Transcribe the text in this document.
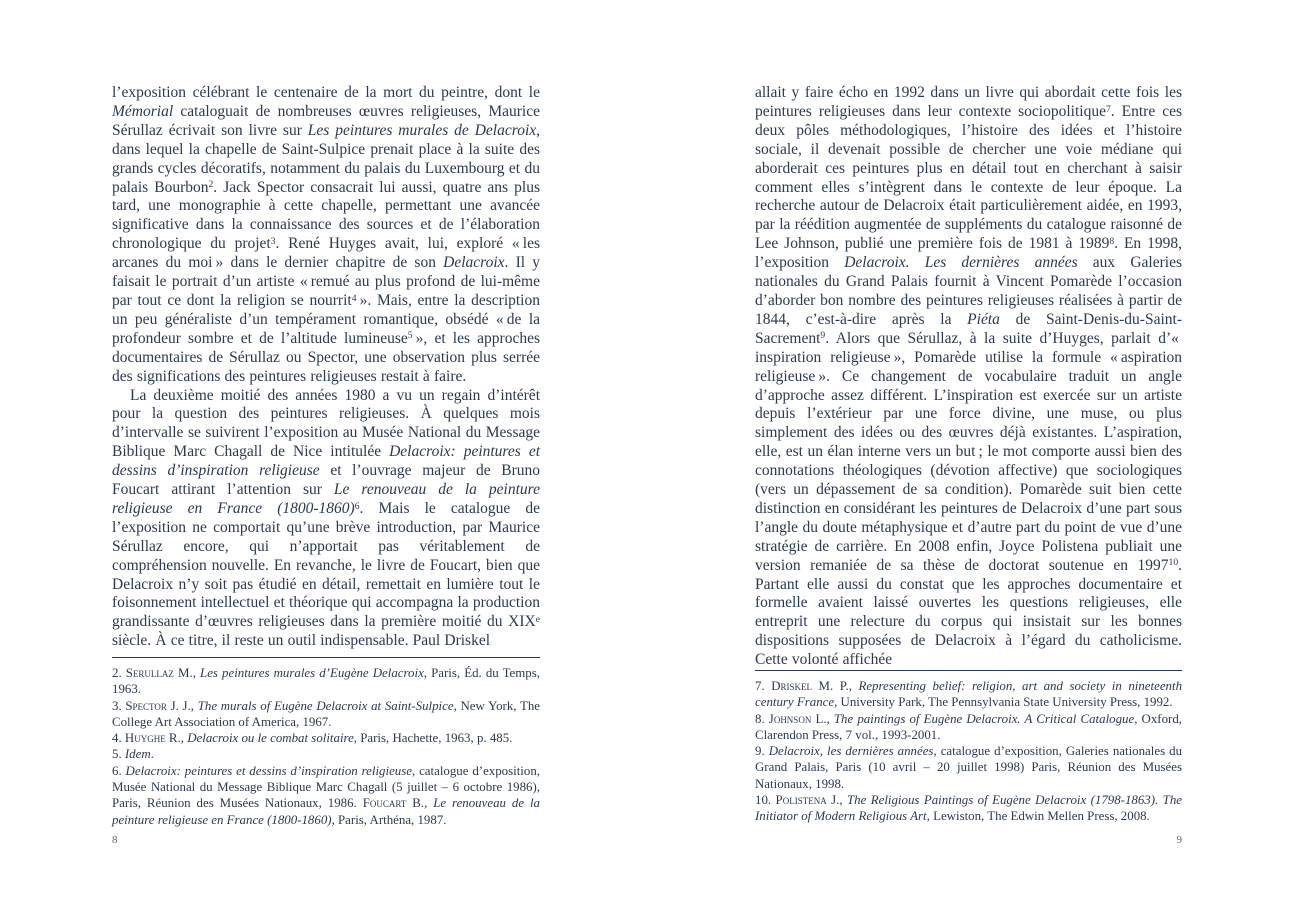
l’exposition célébrant le centenaire de la mort du peintre, dont le Mémorial cataloguait de nombreuses œuvres religieuses, Maurice Sérullaz écrivait son livre sur Les peintures murales de Delacroix, dans lequel la chapelle de Saint-Sulpice prenait place à la suite des grands cycles décoratifs, notamment du palais du Luxembourg et du palais Bourbon$^2$. Jack Spector consacrait lui aussi, quatre ans plus tard, une monographie à cette chapelle, permettant une avancée significative dans la connaissance des sources et de l’élaboration chronologique du projet$^3$. René Huyges avait, lui, exploré « les arcanes du moi » dans le dernier chapitre de son Delacroix. Il y faisait le portrait d’un artiste « remué au plus profond de lui-même par tout ce dont la religion se nourrit$^4$ ». Mais, entre la description un peu généraliste d’un tempérament romantique, obsédé « de la profondeur sombre et de l’altitude lumineuse$^5$ », et les approches documentaires de Sérullaz ou Spector, une observation plus serrée des significations des peintures religieuses restait à faire.

La deuxième moitié des années 1980 a vu un regain d’intérêt pour la question des peintures religieuses. À quelques mois d’intervalle se suivirent l’exposition au Musée National du Message Biblique Marc Chagall de Nice intitulée Delacroix: peintures et dessins d’inspiration religieuse et l’ouvrage majeur de Bruno Foucart attirant l’attention sur Le renouveau de la peinture religieuse en France (1800-1860)$^6$. Mais le catalogue de l’exposition ne comportait qu’une brève introduction, par Maurice Sérullaz encore, qui n’apportait pas véritablement de compréhension nouvelle. En revanche, le livre de Foucart, bien que Delacroix n’y soit pas étudié en détail, remettait en lumière tout le foisonnement intellectuel et théorique qui accompagna la production grandissante d’œuvres religieuses dans la première moitié du XIXe siècle. À ce titre, il reste un outil indispensable. Paul Driskel

2. Serullaz M., Les peintures murales d’Eugène Delacroix, Paris, Éd. du Temps, 1963.

3. Spector J. J., The murals of Eugène Delacroix at Saint-Sulpice, New York, The College Art Association of America, 1967.

4. Huyghe R., Delacroix ou le combat solitaire, Paris, Hachette, 1963, p. 485.

5. Idem.

6. Delacroix: peintures et dessins d’inspiration religieuse, catalogue d’exposition, Musée National du Message Biblique Marc Chagall (5 juillet – 6 octobre 1986), Paris, Réunion des Musées Nationaux, 1986. Foucart B., Le renouveau de la peinture religieuse en France (1800-1860), Paris, Arthéna, 1987.

8

allait y faire écho en 1992 dans un livre qui abordait cette fois les peintures religieuses dans leur contexte sociopolitique$^7$. Entre ces deux pôles méthodologiques, l’histoire des idées et l’histoire sociale, il devenait possible de chercher une voie médiane qui aborderait ces peintures plus en détail tout en cherchant à saisir comment elles s’intègrent dans le contexte de leur époque. La recherche autour de Delacroix était particulièrement aidée, en 1993, par la réédition augmentée de suppléments du catalogue raisonné de Lee Johnson, publié une première fois de 1981 à 1989$^8$. En 1998, l’exposition Delacroix. Les dernières années aux Galeries nationales du Grand Palais fournit à Vincent Pomarède l’occasion d’aborder bon nombre des peintures religieuses réalisées à partir de 1844, c’est-à-dire après la Piéta de Saint-Denis-du-Saint-Sacrement$^9$. Alors que Sérullaz, à la suite d’Huyges, parlait d’« inspiration religieuse », Pomarède utilise la formule « aspiration religieuse ». Ce changement de vocabulaire traduit un angle d’approche assez différent. L’inspiration est exercée sur un artiste depuis l’extérieur par une force divine, une muse, ou plus simplement des idées ou des œuvres déjà existantes. L’aspiration, elle, est un élan interne vers un but ; le mot comporte aussi bien des connotations théologiques (dévotion affective) que sociologiques (vers un dépassement de sa condition). Pomarède suit bien cette distinction en considérant les peintures de Delacroix d’une part sous l’angle du doute métaphysique et d’autre part du point de vue d’une stratégie de carrière. En 2008 enfin, Joyce Polistena publiait une version remaniée de sa thèse de doctorat soutenue en 1997$^{10}$. Partant elle aussi du constat que les approches documentaire et formelle avaient laissé ouvertes les questions religieuses, elle entreprit une relecture du corpus qui insistait sur les bonnes dispositions supposées de Delacroix à l’égard du catholicisme. Cette volonté affichée

7. Driskel M. P., Representing belief: religion, art and society in nineteenth century France, University Park, The Pennsylvania State University Press, 1992.

8. Johnson L., The paintings of Eugène Delacroix. A Critical Catalogue, Oxford, Clarendon Press, 7 vol., 1993-2001.

9. Delacroix, les dernières années, catalogue d’exposition, Galeries nationales du Grand Palais, Paris (10 avril – 20 juillet 1998) Paris, Réunion des Musées Nationaux, 1998.

10. Polistena J., The Religious Paintings of Eugène Delacroix (1798-1863). The Initiator of Modern Religious Art, Lewiston, The Edwin Mellen Press, 2008.

9
